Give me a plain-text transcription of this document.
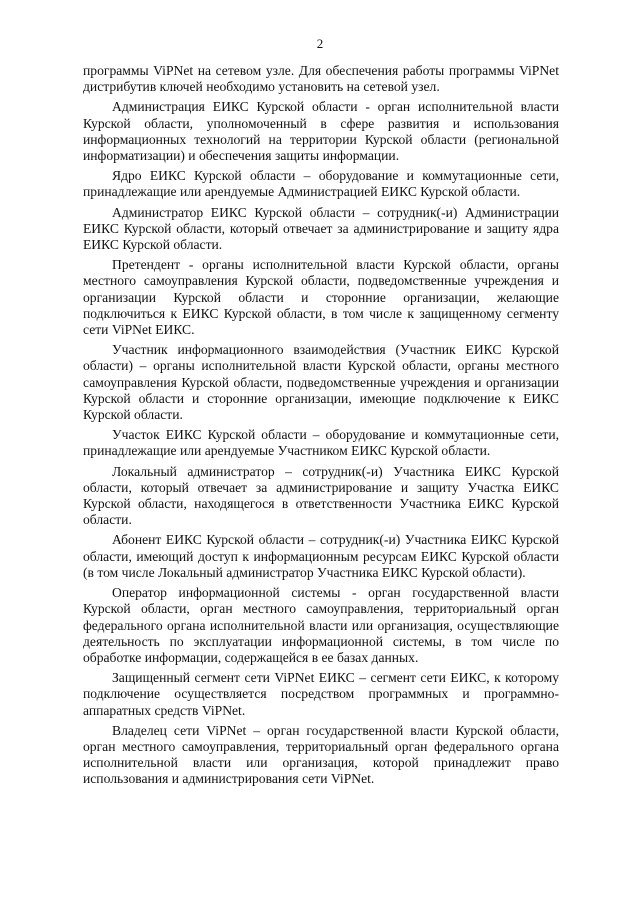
2

программы ViPNet на сетевом узле. Для обеспечения работы программы ViPNet дистрибутив ключей необходимо установить на сетевой узел.

Администрация ЕИКС Курской области - орган исполнительной власти Курской области, уполномоченный в сфере развития и использования информационных технологий на территории Курской области (региональной информатизации) и обеспечения защиты информации.

Ядро ЕИКС Курской области – оборудование и коммутационные сети, принадлежащие или арендуемые Администрацией ЕИКС Курской области.

Администратор ЕИКС Курской области – сотрудник(-и) Администрации ЕИКС Курской области, который отвечает за администрирование и защиту ядра ЕИКС Курской области.

Претендент - органы исполнительной власти Курской области, органы местного самоуправления Курской области, подведомственные учреждения и организации Курской области и сторонние организации, желающие подключиться к ЕИКС Курской области, в том числе к защищенному сегменту сети ViPNet ЕИКС.

Участник информационного взаимодействия (Участник ЕИКС Курской области) – органы исполнительной власти Курской области, органы местного самоуправления Курской области, подведомственные учреждения и организации Курской области и сторонние организации, имеющие подключение к ЕИКС Курской области.

Участок ЕИКС Курской области – оборудование и коммутационные сети, принадлежащие или арендуемые Участником ЕИКС Курской области.

Локальный администратор – сотрудник(-и) Участника ЕИКС Курской области, который отвечает за администрирование и защиту Участка ЕИКС Курской области, находящегося в ответственности Участника ЕИКС Курской области.

Абонент ЕИКС Курской области – сотрудник(-и) Участника ЕИКС Курской области, имеющий доступ к информационным ресурсам ЕИКС Курской области (в том числе Локальный администратор Участника ЕИКС Курской области).

Оператор информационной системы - орган государственной власти Курской области, орган местного самоуправления, территориальный орган федерального органа исполнительной власти или организация, осуществляющие деятельность по эксплуатации информационной системы, в том числе по обработке информации, содержащейся в ее базах данных.

Защищенный сегмент сети ViPNet ЕИКС – сегмент сети ЕИКС, к которому подключение осуществляется посредством программных и программно-аппаратных средств ViPNet.

Владелец сети ViPNet – орган государственной власти Курской области, орган местного самоуправления, территориальный орган федерального органа исполнительной власти или организация, которой принадлежит право использования и администрирования сети ViPNet.
